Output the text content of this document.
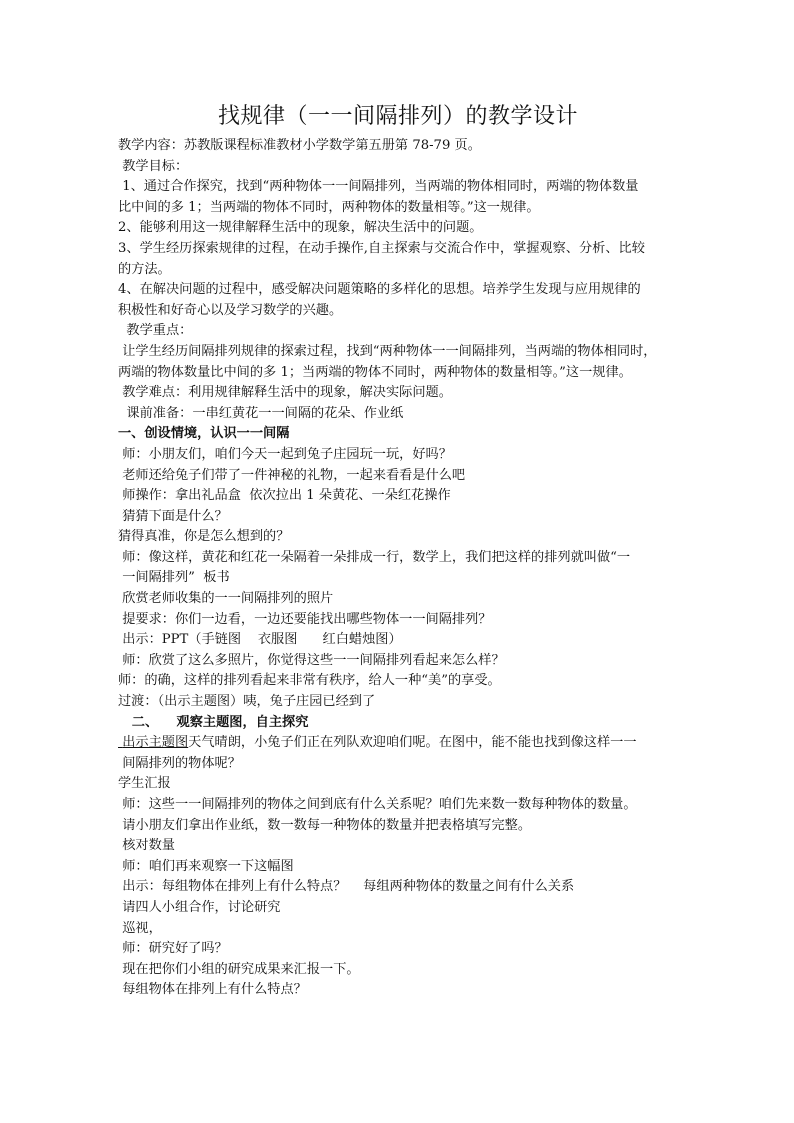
找规律（一一间隔排列）的教学设计

教学内容：苏教版课程标准教材小学数学第五册第 78-79 页。

教学目标：

1、通过合作探究，找到“两种物体一一间隔排列，当两端的物体相同时，两端的物体数量

比中间的多 1；当两端的物体不同时，两种物体的数量相等。”这一规律。

2、能够利用这一规律解释生活中的现象，解决生活中的问题。

3、学生经历探索规律的过程，在动手操作,自主探索与交流合作中，掌握观察、分析、比较

的方法。

4、在解决问题的过程中，感受解决问题策略的多样化的思想。培养学生发现与应用规律的

积极性和好奇心以及学习数学的兴趣。

教学重点：

让学生经历间隔排列规律的探索过程，找到“两种物体一一间隔排列，当两端的物体相同时，

两端的物体数量比中间的多 1；当两端的物体不同时，两种物体的数量相等。”这一规律。

教学难点：利用规律解释生活中的现象，解决实际问题。

课前准备：一串红黄花一一间隔的花朵、作业纸

一、创设情境，认识一一间隔

师：小朋友们，咱们今天一起到兔子庄园玩一玩，好吗？

老师还给兔子们带了一件神秘的礼物，一起来看看是什么吧

师操作：拿出礼品盒  依次拉出 1 朵黄花、一朵红花操作

猜猜下面是什么？

猜得真准，你是怎么想到的？

师：像这样，黄花和红花一朵隔着一朵排成一行，数学上，我们把这样的排列就叫做“一

一间隔排列”  板书

欣赏老师收集的一一间隔排列的照片

提要求：你们一边看，一边还要能找出哪些物体一一间隔排列？

出示：PPT（手链图    衣服图      红白蜡烛图）

师：欣赏了这么多照片，你觉得这些一一间隔排列看起来怎么样？

师：的确，这样的排列看起来非常有秩序，给人一种“美”的享受。

过渡：（出示主题图）咦，兔子庄园已经到了

二、    观察主题图，自主探究

出示主题图天气晴朗，小兔子们正在列队欢迎咱们呢。在图中，能不能也找到像这样一一

间隔排列的物体呢？

学生汇报

师：这些一一间隔排列的物体之间到底有什么关系呢？咱们先来数一数每种物体的数量。

请小朋友们拿出作业纸，数一数每一种物体的数量并把表格填写完整。

核对数量

师：咱们再来观察一下这幅图

出示：每组物体在排列上有什么特点？    每组两种物体的数量之间有什么关系

请四人小组合作，讨论研究

巡视，

师：研究好了吗？

现在把你们小组的研究成果来汇报一下。

每组物体在排列上有什么特点？
